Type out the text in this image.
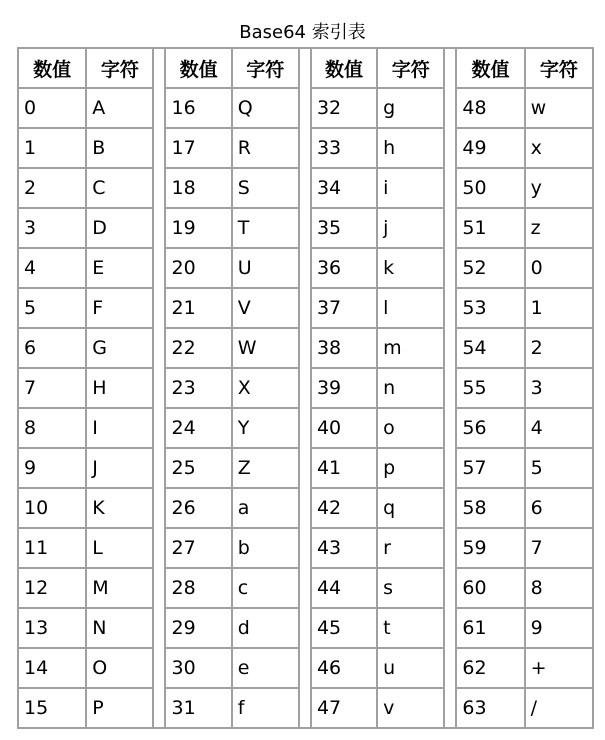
Base64 索引表
数值	字符		数值	字符		数值	字符		数值	字符
0	A		16	Q		32	g		48	w
1	B		17	R		33	h		49	x
2	C		18	S		34	i		50	y
3	D		19	T		35	j		51	z
4	E		20	U		36	k		52	0
5	F		21	V		37	l		53	1
6	G		22	W		38	m		54	2
7	H		23	X		39	n		55	3
8	I		24	Y		40	o		56	4
9	J		25	Z		41	p		57	5
10	K		26	a		42	q		58	6
11	L		27	b		43	r		59	7
12	M		28	c		44	s		60	8
13	N		29	d		45	t		61	9
14	O		30	e		46	u		62	+
15	P		31	f		47	v		63	/
